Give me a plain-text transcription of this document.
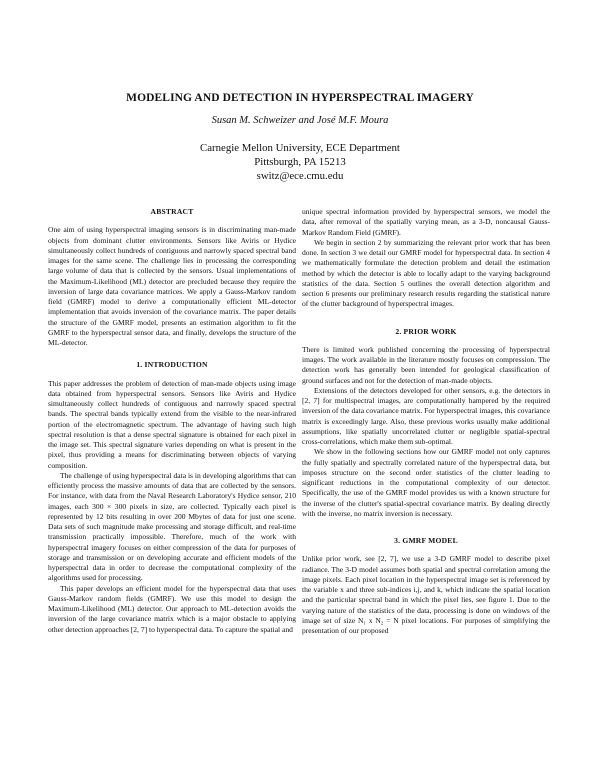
MODELING AND DETECTION IN HYPERSPECTRAL IMAGERY
Susan M. Schweizer and José M.F. Moura
Carnegie Mellon University, ECE Department
Pittsburgh, PA 15213
switz@ece.cmu.edu
ABSTRACT

One aim of using hyperspectral imaging sensors is in discriminating man-made objects from dominant clutter environments. Sensors like Aviris or Hydice simultaneously collect hundreds of contiguous and narrowly spaced spectral band images for the same scene. The challenge lies in processing the corresponding large volume of data that is collected by the sensors. Usual implementations of the Maximum-Likelihood (ML) detector are precluded because they require the inversion of large data covariance matrices. We apply a Gauss-Markov random field (GMRF) model to derive a computationally efficient ML-detector implementation that avoids inversion of the covariance matrix. The paper details the structure of the GMRF model, presents an estimation algorithm to fit the GMRF to the hyperspectral sensor data, and finally, develops the structure of the ML-detector.

1. INTRODUCTION

This paper addresses the problem of detection of man-made objects using image data obtained from hyperspectral sensors. Sensors like Aviris and Hydice simultaneously collect hundreds of contiguous and narrowly spaced spectral bands. The spectral bands typically extend from the visible to the near-infrared portion of the electromagnetic spectrum. The advantage of having such high spectral resolution is that a dense spectral signature is obtained for each pixel in the image set. This spectral signature varies depending on what is present in the pixel, thus providing a means for discriminating between objects of varying composition.

The challenge of using hyperspectral data is in developing algorithms that can efficiently process the massive amounts of data that are collected by the sensors. For instance, with data from the Naval Research Laboratory's Hydice sensor, 210 images, each 300 × 300 pixels in size, are collected. Typically each pixel is represented by 12 bits resulting in over 200 Mbytes of data for just one scene. Data sets of such magnitude make processing and storage difficult, and real-time transmission practically impossible. Therefore, much of the work with hyperspectral imagery focuses on either compression of the data for purposes of storage and transmission or on developing accurate and efficient models of the hyperspectral data in order to decrease the computational complexity of the algorithms used for processing.

This paper develops an efficient model for the hyperspectral data that uses Gauss-Markov random fields (GMRF). We use this model to design the Maximum-Likelihood (ML) detector. Our approach to ML-detection avoids the inversion of the large covariance matrix which is a major obstacle to applying other detection approaches [2, 7] to hyperspectral data. To capture the spatial and

unique spectral information provided by hyperspectral sensors, we model the data, after removal of the spatially varying mean, as a 3-D, noncausal Gauss-Markov Random Field (GMRF).

We begin in section 2 by summarizing the relevant prior work that has been done. In section 3 we detail our GMRF model for hyperspectral data. In section 4 we mathematically formulate the detection problem and detail the estimation method by which the detector is able to locally adapt to the varying background statistics of the data. Section 5 outlines the overall detection algorithm and section 6 presents our preliminary research results regarding the statistical nature of the clutter background of hyperspectral images.

2. PRIOR WORK

There is limited work published concerning the processing of hyperspectral images. The work available in the literature mostly focuses on compression. The detection work has generally been intended for geological classification of ground surfaces and not for the detection of man-made objects.

Extensions of the detectors developed for other sensors, e.g. the detectors in [2, 7] for multispectral images, are computationally hampered by the required inversion of the data covariance matrix. For hyperspectral images, this covariance matrix is exceedingly large. Also, these previous works usually make additional assumptions, like spatially uncorrelated clutter or negligible spatial-spectral cross-correlations, which make them sub-optimal.

We show in the following sections how our GMRF model not only captures the fully spatially and spectrally correlated nature of the hyperspectral data, but imposes structure on the second order statistics of the clutter leading to significant reductions in the computational complexity of our detector. Specifically, the use of the GMRF model provides us with a known structure for the inverse of the clutter's spatial-spectral covariance matrix. By dealing directly with the inverse, no matrix inversion is necessary.

3. GMRF MODEL

Unlike prior work, see [2, 7], we use a 3-D GMRF model to describe pixel radiance. The 3-D model assumes both spatial and spectral correlation among the image pixels. Each pixel location in the hyperspectral image set is referenced by the variable x and three sub-indices i,j, and k, which indicate the spatial location and the particular spectral band in which the pixel lies, see figure 1. Due to the varying nature of the statistics of the data, processing is done on windows of the image set of size N₁ x N₂ = N pixel locations. For purposes of simplifying the presentation of our proposed
